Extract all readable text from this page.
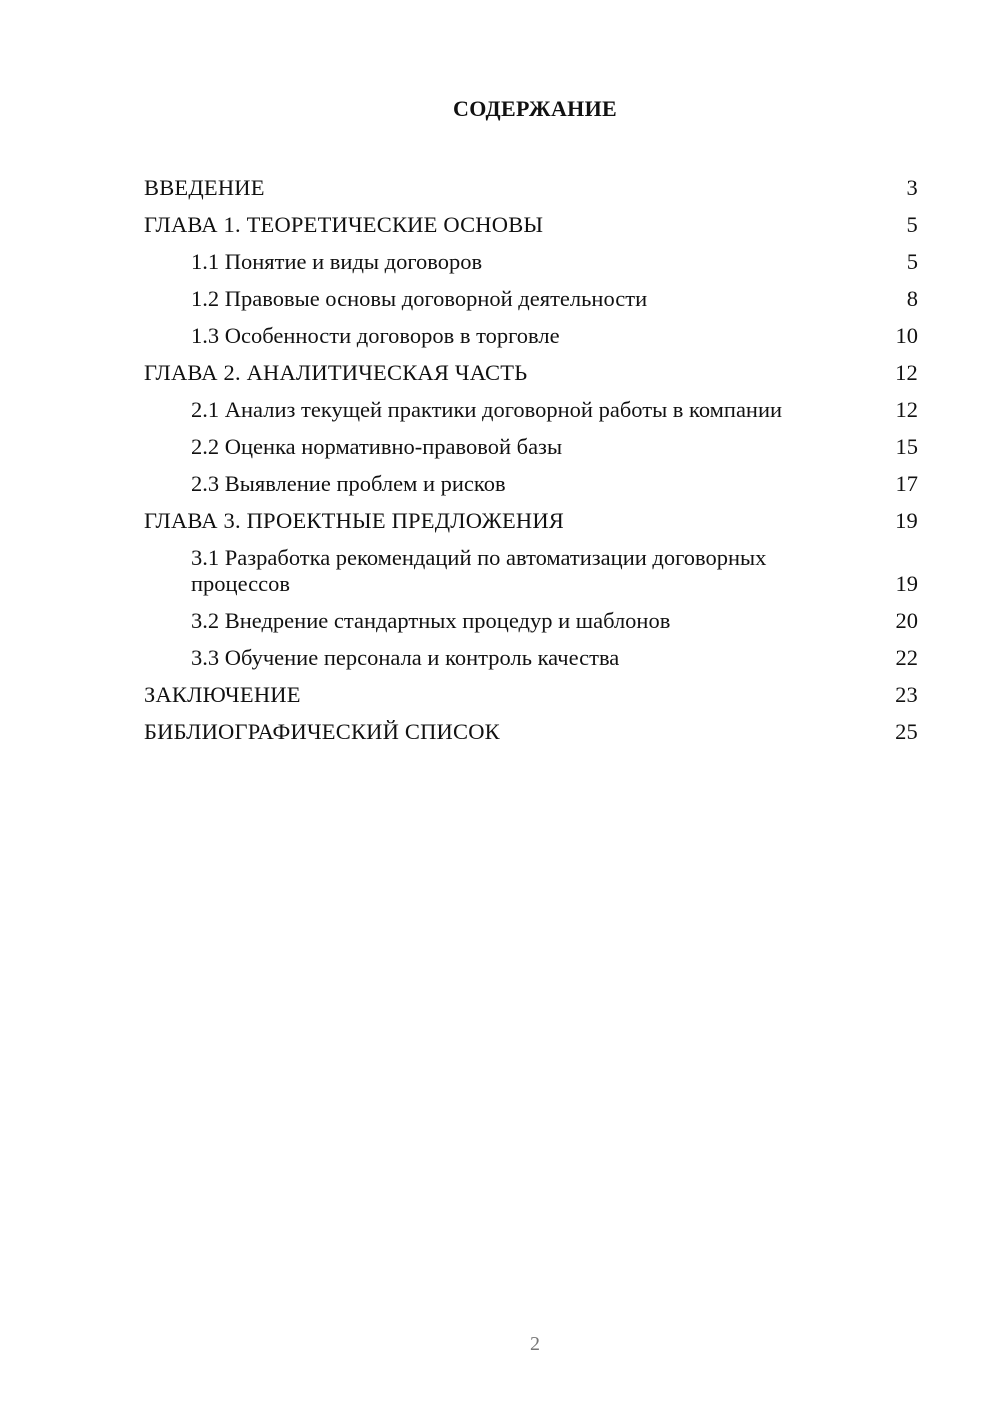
СОДЕРЖАНИЕ
ВВЕДЕНИЕ	3
ГЛАВА 1. ТЕОРЕТИЧЕСКИЕ ОСНОВЫ	5
1.1 Понятие и виды договоров	5
1.2 Правовые основы договорной деятельности	8
1.3 Особенности договоров в торговле	10
ГЛАВА 2. АНАЛИТИЧЕСКАЯ ЧАСТЬ	12
2.1 Анализ текущей практики договорной работы в компании	12
2.2 Оценка нормативно-правовой базы	15
2.3 Выявление проблем и рисков	17
ГЛАВА 3. ПРОЕКТНЫЕ ПРЕДЛОЖЕНИЯ	19
3.1 Разработка рекомендаций по автоматизации договорных процессов	19
3.2 Внедрение стандартных процедур и шаблонов	20
3.3 Обучение персонала и контроль качества	22
ЗАКЛЮЧЕНИЕ	23
БИБЛИОГРАФИЧЕСКИЙ СПИСОК	25
2
